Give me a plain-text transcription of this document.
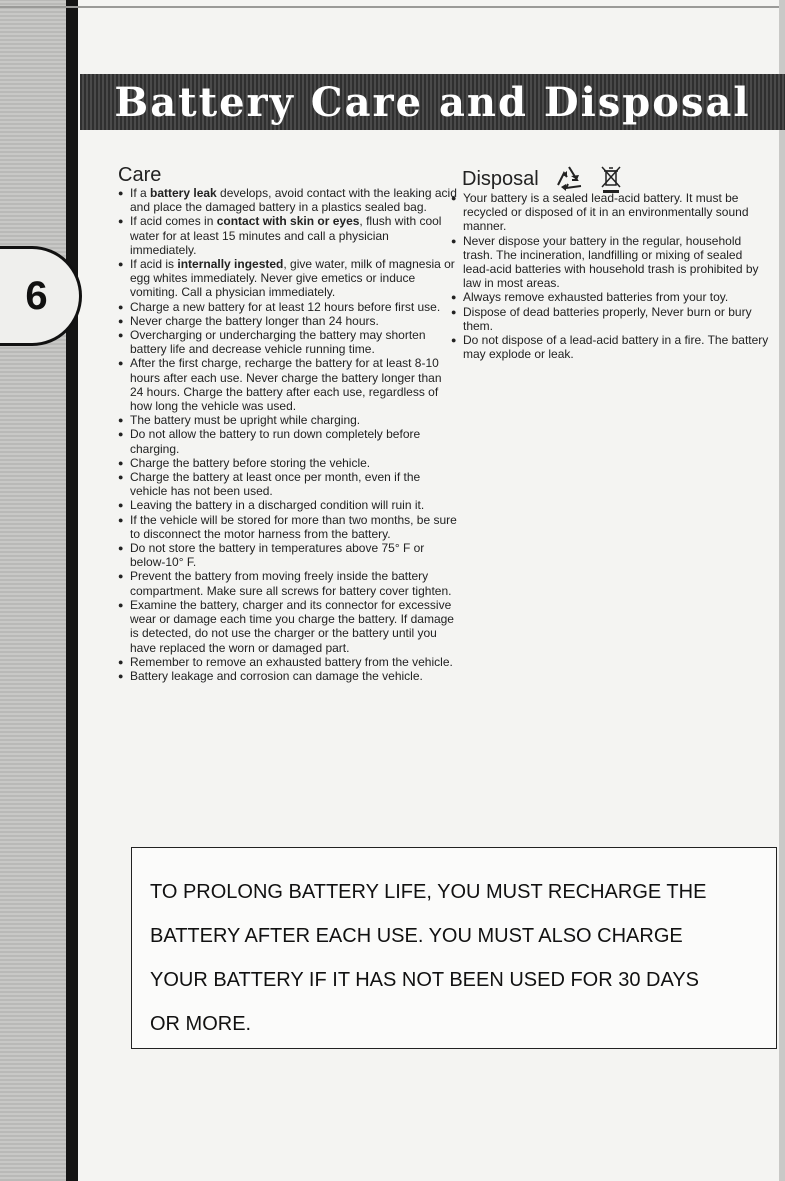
6
Battery Care and Disposal
Care
● If a battery leak develops, avoid contact with the leaking acid and place the damaged battery in a plastics sealed bag.
● If acid comes in contact with skin or eyes, flush with cool water for at least 15 minutes and call a physician immediately.
● If acid is internally ingested, give water, milk of magnesia or egg whites immediately. Never give emetics or induce vomiting. Call a physician immediately.
● Charge a new battery for at least 12 hours before first use.
● Never charge the battery longer than 24 hours.
● Overcharging or undercharging the battery may shorten battery life and decrease vehicle running time.
● After the first charge, recharge the battery for at least 8-10 hours after each use. Never charge the battery longer than 24 hours. Charge the battery after each use, regardless of how long the vehicle was used.
● The battery must be upright while charging.
● Do not allow the battery to run down completely before charging.
● Charge the battery before storing the vehicle.
● Charge the battery at least once per month, even if the vehicle has not been used.
● Leaving the battery in a discharged condition will ruin it.
● If the vehicle will be stored for more than two months, be sure to disconnect the motor harness from the battery.
● Do not store the battery in temperatures above 75° F or below-10° F.
● Prevent the battery from moving freely inside the battery compartment. Make sure all screws for battery cover tighten.
● Examine the battery, charger and its connector for excessive wear or damage each time you charge the battery. If damage is detected, do not use the charger or the battery until you have replaced the worn or damaged part.
● Remember to remove an exhausted battery from the vehicle.
● Battery leakage and corrosion can damage the vehicle.
Disposal
● Your battery is a sealed lead-acid battery. It must be recycled or disposed of it in an environmentally sound manner.
● Never dispose your battery in the regular, household trash. The incineration, landfilling or mixing of sealed lead-acid batteries with household trash is prohibited by law in most areas.
● Always remove exhausted batteries from your toy.
● Dispose of dead batteries properly, Never burn or bury them.
● Do not dispose of a lead-acid battery in a fire. The battery may explode or leak.

TO PROLONG BATTERY LIFE, YOU MUST RECHARGE THE

BATTERY AFTER EACH USE. YOU MUST ALSO CHARGE

YOUR BATTERY IF IT HAS NOT BEEN USED FOR 30 DAYS

OR MORE.
